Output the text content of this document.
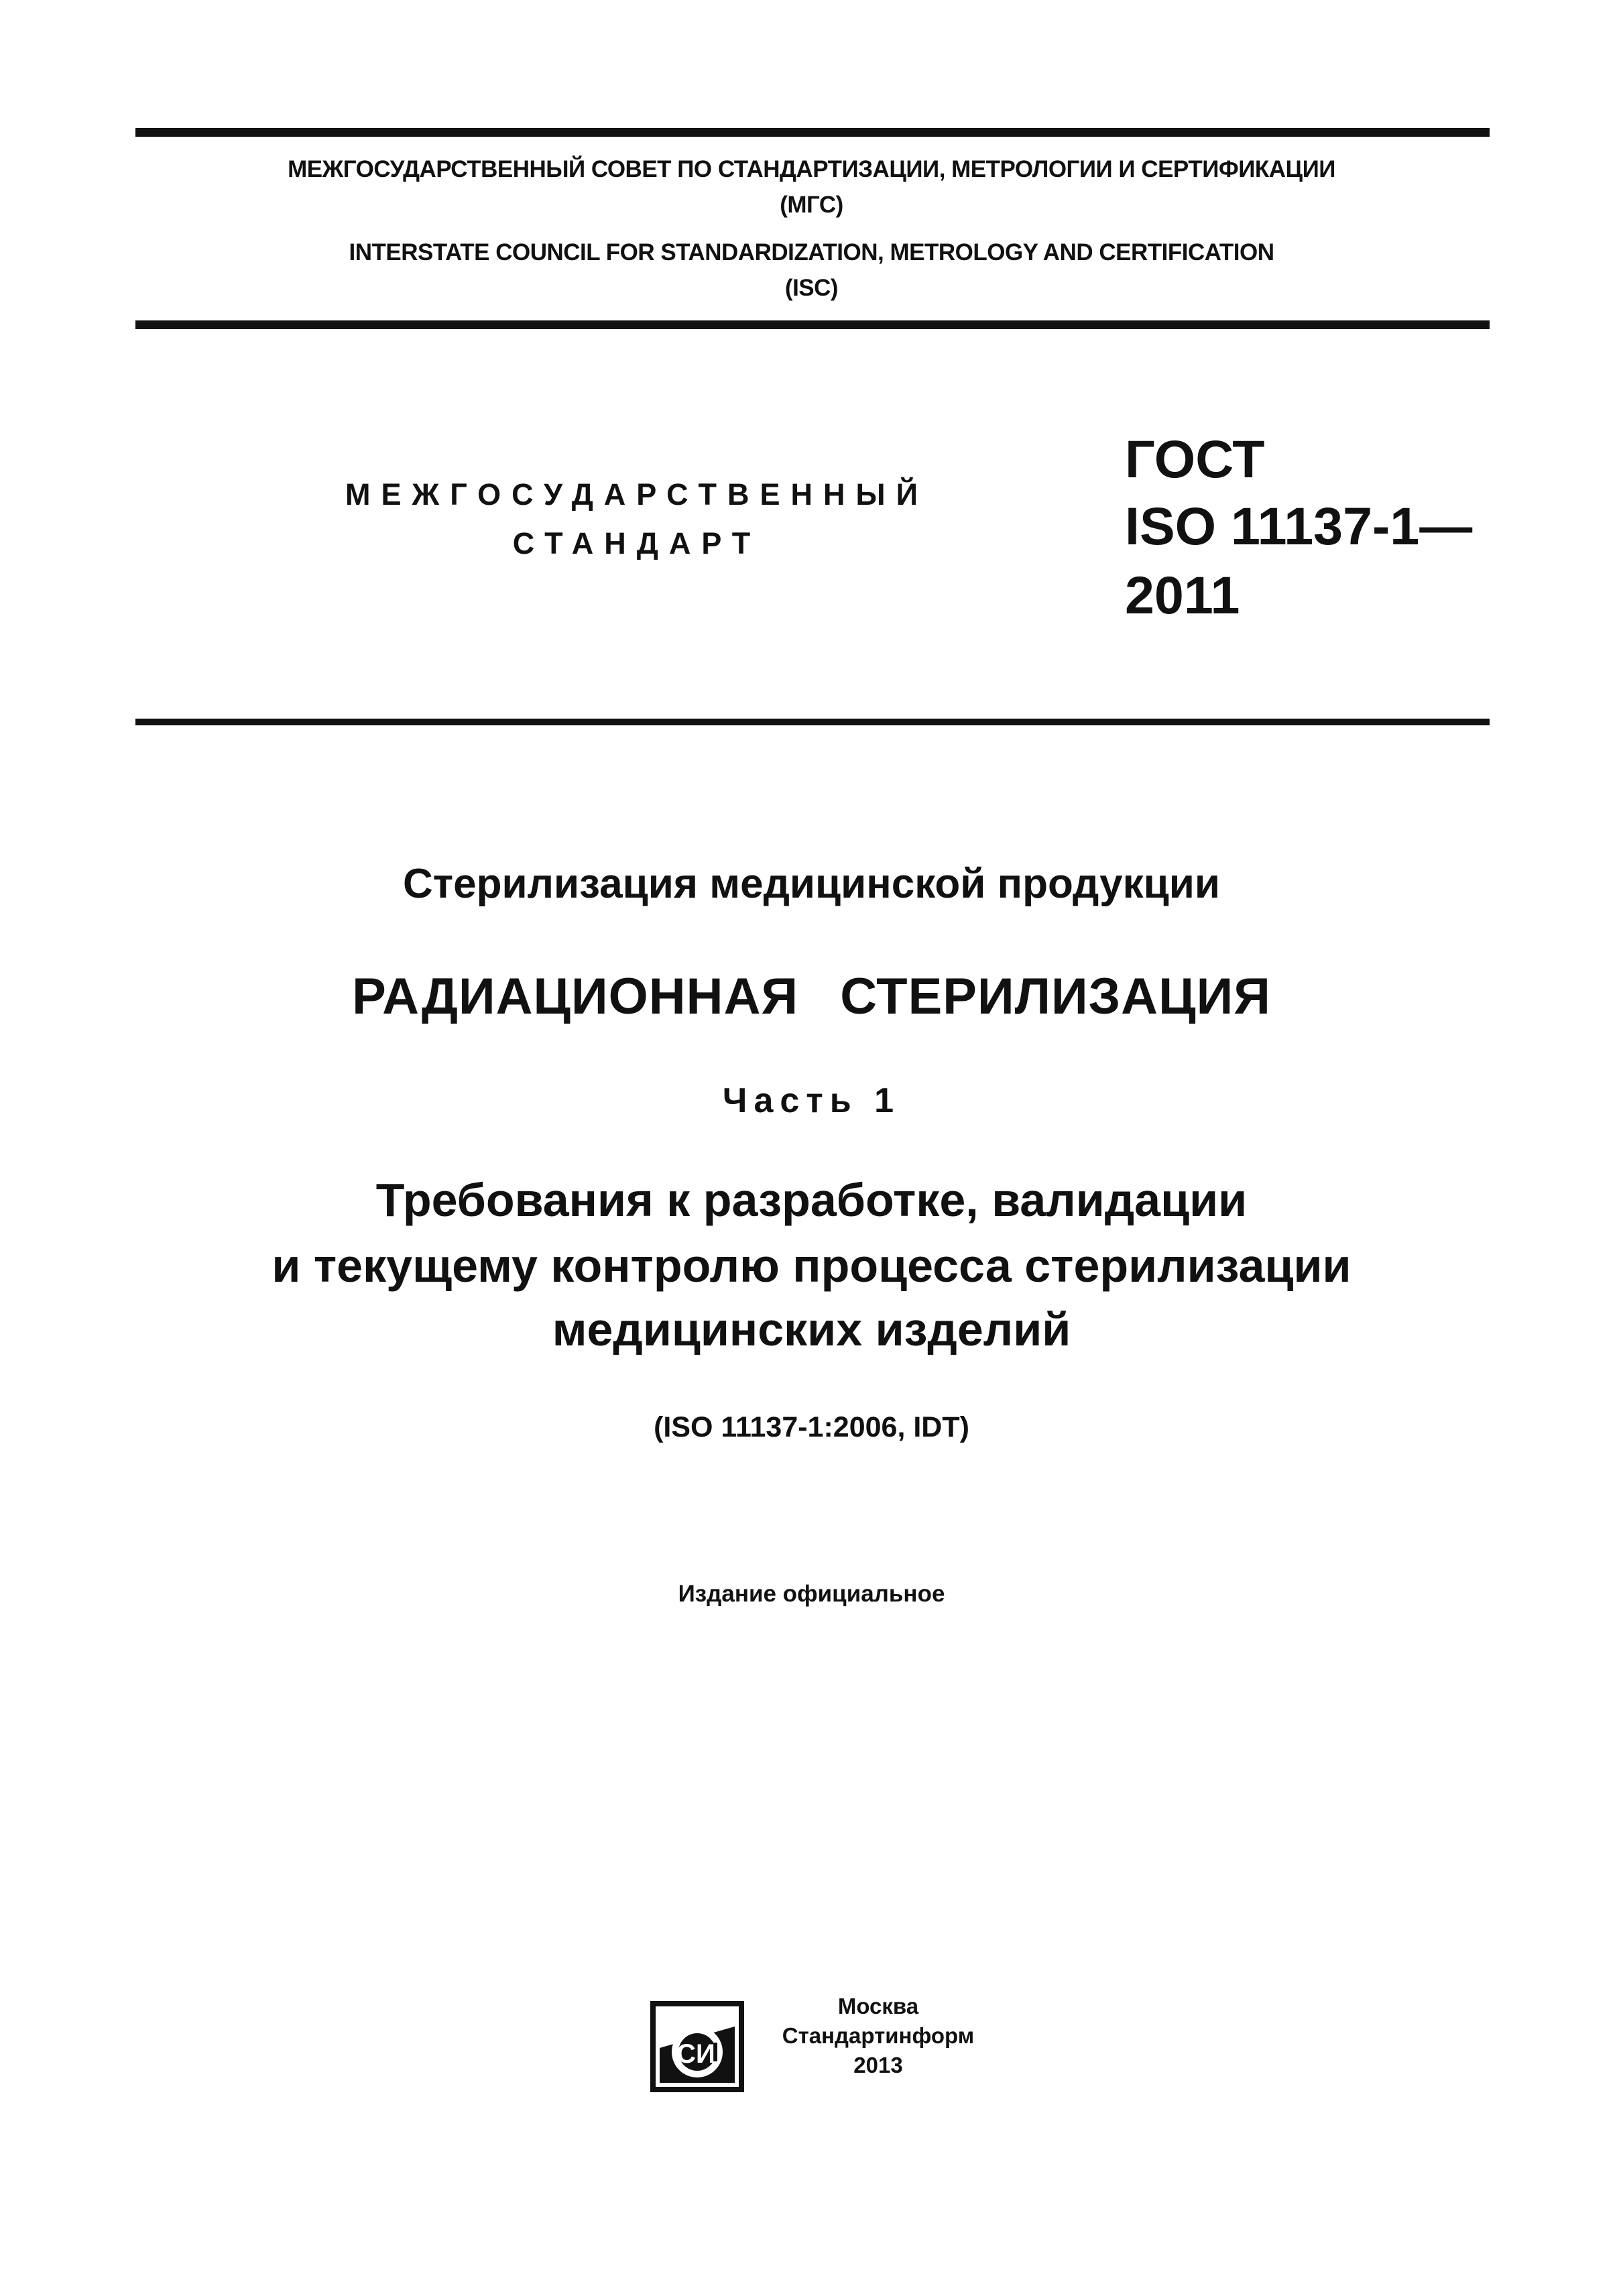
МЕЖГОСУДАРСТВЕННЫЙ СОВЕТ ПО СТАНДАРТИЗАЦИИ, МЕТРОЛОГИИ И СЕРТИФИКАЦИИ
(МГС)
INTERSTATE COUNCIL FOR STANDARDIZATION, METROLOGY AND CERTIFICATION
(ISC)
МЕЖГОСУДАРСТВЕННЫЙ
СТАНДАРТ
ГОСТ
ISO 11137-1—
2011
Стерилизация медицинской продукции
РАДИАЦИОННАЯ СТЕРИЛИЗАЦИЯ
Часть 1
Требования к разработке, валидации
и текущему контролю процесса стерилизации
медицинских изделий
(ISO 11137-1:2006, IDT)
Издание официальное
СИ
Москва
Стандартинформ
2013
